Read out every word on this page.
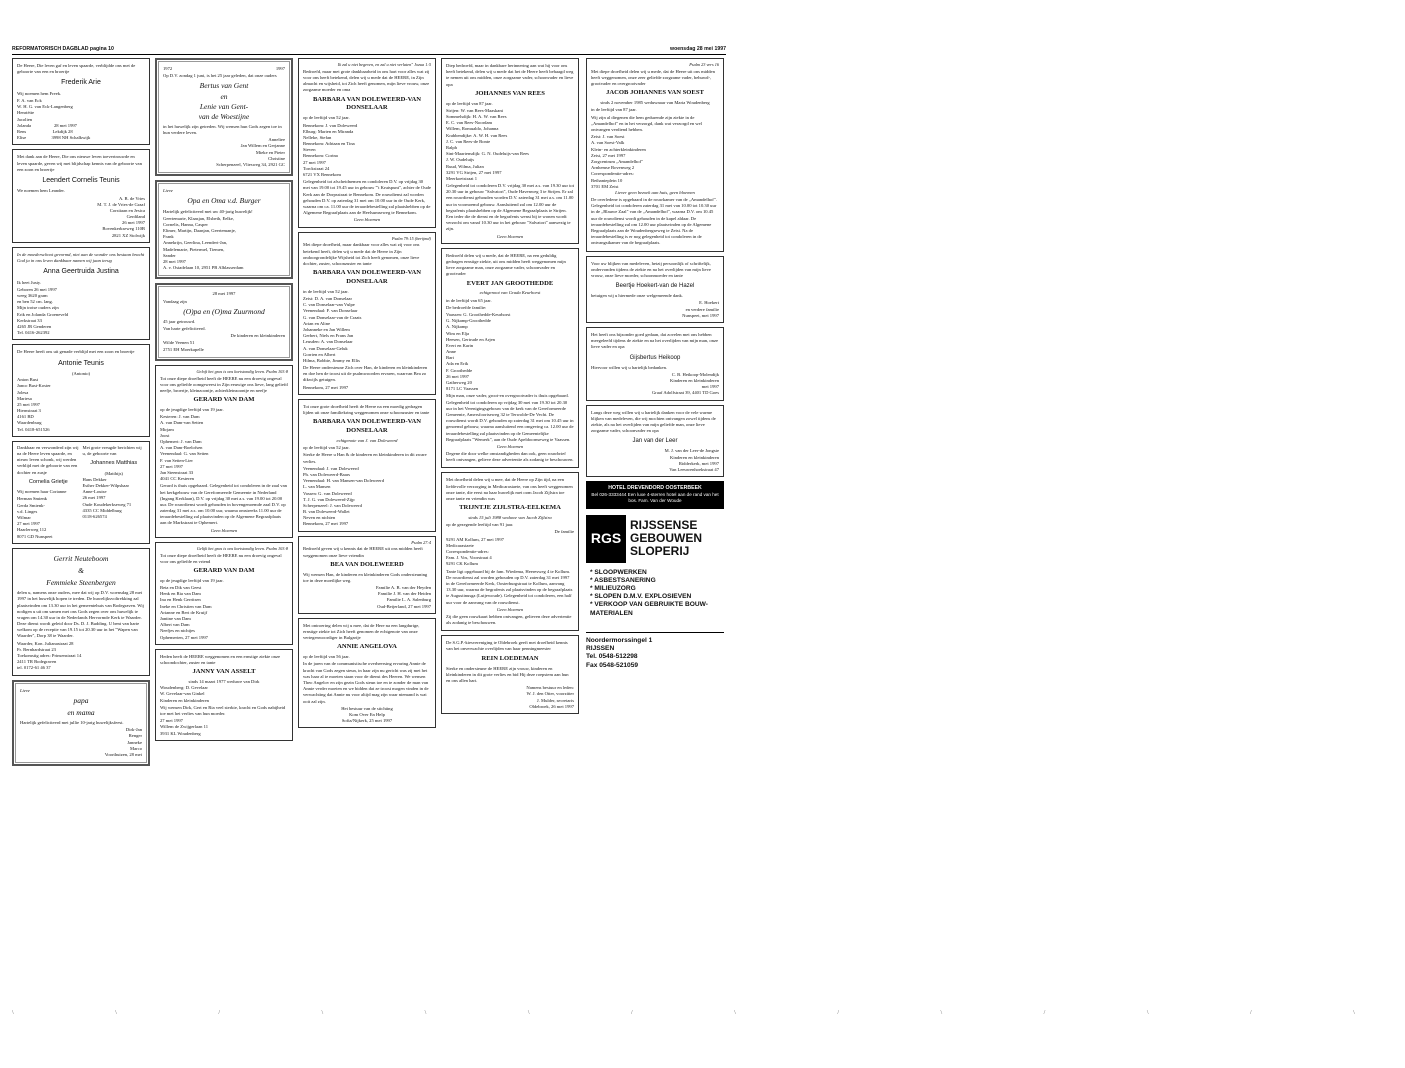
REFORMATORISCH DAGBLAD pagina 10	woensdag 28 mei 1997

De Heere, Die leven gaf en leven spaarde, verblijdde ons met de geboorte van een en broertje

Frederik Arie

Wij noemen hem Freek.

F. A. van Eck
W. H. G. van Eck-Langenberg
Henriëtte
Jacolien
Jolanda                    28 mei 1997
Rens                       Lekdijk 28
Elise                      3998 NH Schalkwijk

Met dank aan de Heere, Die ons nieuwe leven toevertrouwde en leven spaarde, geven wij met blijdschap kennis van de geboorte van een zoon en broertje

Leendert Cornelis Teunis

We noemen hem Leander.

A. B. de Vries
M. T. J. de Vries-de Graaf
Corstiaan en Jesica
Gerdiland
26 mei 1997
Bovenkerkseweg 110B
2821 XZ Stolwijk

In de moederschoot gevormd, niet aan de wonder ons bestaan bracht God ja in ons leven dankbaar namen wij jaan terug

Anna Geertruida Justina

Ik heet Justy.

Geboren 26 mei 1997
weeg 3620 gram
en ben 52 cm. lang.
Mijn trotse ouders zijn
Erik en Jolanda Groeneveld
Kerkstraat 33
4265 JR Genderen
Tel. 0416-262392

De Heere heeft ons uit genade verblijd met een zoon en broertje

Antonie Teunis
(Antonio)
Anton Bust
Janco Bust-Koster
Jolesa
Mariesa
25 mei 1997
Hiernstraat 3
4161 BD
Waardenburg
Tel. 0418-651526
Dankbaar en verwonderd zijn wij na de Heere leven spaarde, en nieuw leven schonk, wij werden verblijd met de geboorte van een dochter en zusje
Cornelia Grietje

Wij noemen haar Corianne

Herman Smienk
Gerda Smienk-
v.d. Linges
Wilmar
27 mei 1997
Haarlerweg 112
8071 GD Nunspeet
Met grote vreugde berichten wij u, de geboorte van
Johannes Matthias
(Matthijs)
Hans Dekker
Esther Dekker-Wilpshaar
Anne-Louise
26 mei 1997
Oude Koudekerkseweg 71
4335 CC Middelburg
0118-626574
Gerrit Neuteboom
&
Femmieke Steenbergen

delen u, namens onze ouders, mee dat wij op D.V. woensdag 28 mei 1997 in het huwelijk hopen te treden. De huwelijksvoltrekking zal plaatsvinden om 13.30 uur in het gemeentehuis van Bodegraven. Wij nodigen u uit om samen met ons Gods zegen over ons huwelijk te vragen om 14.30 uur in de Nederlands Hervormde Kerk te Waarder. Deze dienst wordt geleid door Ds. D. J. Budding. U bent van harte welkom op de receptie van 19.15 tot 20.30 uur in het "Wapen van Waarder", Dorp 38 te Waarder.

Waarder, Kon. Julianastraat 28
Fr. Bernhardstraat 23
Toekomstig adres: Prinsenstraat 14
2411 TR Bodegraven
tel. 0172-61 46 37
Lieve
papa
en mama

Hartelijk gefeliciteerd met jullie 10-jarig huwelijksfeest.

Dirk-Jan
Renger
Janneke
Marco
Voorthuizen, 28 mei
1972	1997

Op D.V. zondag 1 juni, is het 25 jaar geleden, dat onze ouders

Bertus van Gent
en
Lenie van Gent-
van de Woestijne

in het huwelijk zijn getreden. Wij wensen hun Gods zegen toe in hun verdere leven.

Anneliee
Jan Willem en Gerjanne
Mieke en Pieter
Christine
Scherpenzeel, Vliesweg 34, 2921 GC
Lieve
Opa en Oma v.d. Burger

Hartelijk gefeliciteerd met uw 40-jarig huwelijk!

Geertemarie, Klaasjan, Elsbeth, Eelke,
Cornelis, Hanna, Casper
Elimer, Martijn, Daanjan, Geertemanje,
Frank
Annekrijn, Geerlina, Leendert-Jan,
Madelemarie, Pietermel, Tiemen,
Sander
28 mei 1997
A. v. Ostadelaan 10, 2951 PB Alblasserdam
28 mei 1997

Vandaag zijn

(O)pa en (O)ma Zuurmond

45 jaar getrouwd.

Van harte gefeliciteerd.

De kinderen en kleinkinderen

Wilde Veenen 51
2751 EH Moerkapelle
Geloft het gras is ons kortstondig leven. Psalm 103:8

Tot onze diepe droefheid heeft de HEERE nu een droevig ongeval voor ons geliefde oomgeweest in Zijn eeuwige ons lieve, lang geliefd neefje, broertje, kleinzoontje, achterkleinzoontje en neefje

GERARD VAN DAM

op de jeugdige leeftijd van 19 jaar.

Kesteren: J. van Dam
A. van Dam-van Setten
Mirjam
Joost
Ophemert: J. van Dam
A. van Dam-Boelofsen
Veenendaal: G. van Setten
F. van Setten-Lier
27 mei 1997
Jan Steenstraat 33
4041 CC Kesteren

Gerard is thuis opgebaard. Gelegenheid tot condoleren in de zaal van het kerkgebouw van de Gereformeerde Gemeente in Nederland (Ingang Kerklaan), D.V. op vrijdag 30 mei a.s. van 19.00 tot 20.00 uur. De rouwdienst wordt gehouden in bovengenoemde zaal D.V. op zaterdag 31 mei a.s. om 10.00 uur, waarna omstreeks 11.00 uur de teraardebestelling zal plaatsvinden op de Algemene Begraafplaats aan de Markstraat te Ophemert.

Geen bloemen
Gelijk het gras is ons kortstondig leven. Psalm 103:8

Tot onze diepe droefheid heeft de HEERE nu een droevig ongeval voor ons geliefde en vriend

GERARD VAN DAM

op de jeugdige leeftijd van 19 jaar.

Beta en Dik van Geest
Henk en Ria van Dam
Ina en Henk Gerritsen
Ineke en Christien van Dam
Arianne en Bert de Kruijf
Jantine van Dam
Albert van Dam
Neefjes en nichtjes
Ophemerten, 27 mei 1997

Heden heeft de HEERE weggenomen en een ernstige ziekte onze schoondochter, zuster en tante

JANNY VAN ASSELT
sinds 14 maart 1977 weduwe van Dirk
Woudenberg: D. Gevelaar
W. Gevelaar-van Ginkel
Kinderen en kleinkinderen

Wij wensen Dirk, Gert en Ria veel sterkte, kracht en Gods nabijheid toe met het verlies van hun moeder.

27 mei 1997
Willem de Zwijgerlaan 11
3931 KL Woudenberg
Ik zal u niet begeven, en zal u niet verlaten" Jozua 1:5

Bedroefd, maar met grote dankbaarheid in ons hart voor alles wat zij voor ons heeft betekend, delen wij u mede dat de HEERE, in Zijn almacht en wijsheid, tot Zich heeft genomen, mijn lieve vrouw, onze zorgzame moeder en oma

BARBARA VAN DOLEWEERD-VAN DONSELAAR

op de leeftijd van 52 jaar.

Bennekom: J. van Doleweerd
Elburg: Marien en Miranda
Nelleke, Stefan
Bennekom: Adriaan en Tina
Steven
Bennekom: Corina
27 mei 1997
Torckstraat 24
6721 VX Bennekom

Gelegenheid tot afscheidnemen en condoleren D.V. op vrijdag 30 mei van 19.00 tot 19.45 uur in gebouw "'t Kruispunt", achter de Oude Kerk aan de Dorpsstraat te Bennekom. De rouwdienst zal worden gehouden D.V. op zaterdag 31 mei om 10.00 uur in de Oude Kerk, waarna om ca. 11.00 uur de teraardebestelling zal plaatshebben op de Algemene Begraafplaats aan de Heelsumseweg te Bennekom.

Geen bloemen
Psalm 79:15 (berijmd)

Met diepe droefheid, maar dankbaar voor alles wat zij voor ons betekend heeft, delen wij u mede dat de Heere in Zijn ondoorgrondelijke Wijsheid tot Zich heeft genomen, onze lieve dochter, zuster, schoonzuster en tante

BARBARA VAN DOLEWEERD-VAN DONSELAAR

in de leeftijd van 52 jaar.

Zeist: D. A. van Donselaar
C. van Donselaar-van Vulpe
Veenendaal: F. van Donselaar
G. van Donselaar-van de Craats
Arian en Aline
Johanneke en Jan Willem
Gerbert, Niels en Frans Jan
Leusden: A. van Donselaar
A. van Donselaar-Geluk
Gorrien en Albert
Hilma, Bobbie, Jimmy en Ellis

De Heere ondersteune Zich over Han, de kinderen en kleinkinderen en doe hen de troost uit de psalmwoorden ervaren, waarvan Bea zo dikwijls getuigen.

Bennekom, 27 mei 1997

Tot onze grote droefheid heeft de Heere na een moedig gedragen lijden uit onze familiekring weggenomen onze schoonzuster en tante

BARBARA VAN DOLEWEERD-VAN DONSELAAR
echtgenote van J. van Doleweerd

op de leeftijd van 52 jaar.

Sterke de Heere u Han & de kinderen en kleinkinderen in dit zware verlies.

Veenendaal: J. van Doleweerd
Ph. van Doleweerd-Baars
Veenendaal: H. van Mansen-van Doleweerd
L. van Mansen
Vassen: G. van Doleweerd
T. J. G. van Doleweerd-Zijp
Scherpenzeel: J. van Doleweerd
B. van Doleweerd-Wallet
Neven en nichten
Bennekom, 27 mei 1997
Psalm 27:4

Bedroefd geven wij u kennis dat de HEERE uit ons midden heeft weggenomen onze lieve vriendin

BEA VAN DOLEWEERD

Wij wensen Han, de kinderen en kleinkinderen Gods ondersteuning toe in deze moeilijke weg.

Familie A. B. van der Heyden
Familie J. H. van der Heiden
Familie L. A. Salenburg
Oud-Beijerland, 27 mei 1997

Met ontroering delen wij u mee, dat de Here na een langdurige, ernstige ziekte tot Zich heeft genomen de echtgenote van onze vertegenwoordiger in Bulgarije

ANNIE ANGELOVA

op de leeftijd van 56 jaar.

In de jaren van de communistische overheersing ervaring Annie de kracht van Gods zegen steun, in haar zijn nu gericht was zij met het was haar al te moeten staan voor de dienst des Heeren. We wensen Theo Angelov en zijn gezin Gods steun toe en te zonder de man van Annie verder moeten en we bidden dat ze troost mogen vinden in de verwachting dat Annie nu voor altijd mag zijn waar niemand is wat ooit zal zijn.

Het bestuur van de stichting
Kom Over En Help
Sofia/Nijkerk, 25 mei 1997

Diep bedroefd, maar in dankbare herinnering aan wat hij voor ons heeft betekend, delen wij u mede dat het de Heere heeft behaagd weg te nemen uit ons midden, onze zorgzame vader, schoonvader en lieve opa

JOHANNES VAN REES

op de leeftijd van 87 jaar.

Strijen: W. van Rees-Maaskant
Sommelsdijk: H. A. W. van Rees
E. C. van Rees-Noordam
Willem, Romualdo, Johanna
Krabbendijke: A. W. H. van Rees
J. C. van Rees-de Bonte
Ralph
Sint-Maartensdijk: G. N. Oudeluijs-van Rees
J. W. Oudeluijs
Ruud, Wilma, Julian
3291 VG Strijen, 27 mei 1997
Meerkoetstraat 1

Gelegenheid tot condoleren D.V. vrijdag 30 mei a.s. van 19.30 uur tot 20.30 uur in gebouw "Salvatori", Oude Havenweg 3 te Strijen. Er zal een rouwdienst gehouden worden D.V. zaterdag 31 mei a.s. om 11.00 uur in voornoemd gebouw. Aansluitend zal om 12.00 uur de begrafenis plaatshebben op de Algemene Begraafplaats te Strijen. Een ieder die de dienst en de begrafenis wenst bij te wonen wordt verzocht om vanaf 10.30 uur in het gebouw "Salvatori" aanwezig te zijn.

Geen bloemen

Bedroefd delen wij u mede, dat de HEERE, na een geduldig gedragen ernstige ziekte, uit ons midden heeft weggenomen mijn lieve zorgzame man, onze zorgzame vader, schoonvader en grootvader

EVERT JAN GROOTHEDDE
echtgenoot van Grada Keurhorst

in de leeftijd van 65 jaar.

De bedroefde familie:

Vaassen: G. Groothedde-Keurhorst
G. Nijkamp-Groothedde
A. Nijkamp
Wim en Elja
Heesen, Gertrude en Arjen
Evert en Karin
Anne
Bart
Ada en Erik
F. Groothedde
26 mei 1997
Gatherweg 20
8171 LC Vaassen

Mijn man, onze vader, groot-en overgrootvader is thuis opgebaard. Gelegenheid tot condoleren op vrijdag 30 mei van 19.30 tot 20.30 uur in het Verenigingsgebouw van de kerk van de Gereformeerde Gemeente, Amersfoortseweg 32 te Terwolde-De Vecht. De rouwdienst wordt D.V. gehouden op zaterdag 31 mei om 10.45 uur in genoemd gebouw, waarna aansluitend een omgeving ca. 12.00 uur de teraardebestelling zal plaatsvinden op de Gemeentelijke Begraafplaats "Wemerk", aan de Oude Apeldoornseweg te Vaassen.

Geen bloemen

Degene die door welke omstandigheden dan ook, geen rouwbrief heeft ontvangen, gelieve deze advertentie als zodanig te beschouwen.

Met droefheid delen wij u mee, dat de Heere op Zijn tijd, na een liefdevolle verzorging in Medicarastaete, van ons heeft weggenomen onze tante, die eerst na haar huwelijk met oom Jacob Zijlstra toe onze tante en vriendin was

TRIJNTJE ZIJLSTRA-EELKEMA
sinds 15 juli 1988 weduwe van Jacob Zijlstra

op de gezegende leeftijd van 91 jaar.

De familie

9291 AM Kollum, 27 mei 1997
Medicarastaete
Correspondentie-adres:
Fam. J. Vos, Voorstraat 4
9291 CK Kollum

Tante ligt opgebaard bij de fam. Wiedema, Heeresweg 4 te Kollum. De rouwdienst zal worden gehouden op D.V. zaterdag 31 mei 1997 in de Gereformeerde Kerk, Oosterburgstraat te Kollum, aanvang 13.30 uur, waarna de begrafenis zal plaatsvinden op de begraafplaats te Augustinusga (Lutjewoude). Gelegenheid tot condoleren, een half uur voor de aanvang van de rouwdienst.

Geen bloemen

Zij die geen rouwkaart hebben ontvangen, gelieven deze advertentie als zodanig te beschouwen.

De S.G.P.-kiesvereniging te Oldebroek geeft met droefheid kennis van het onverwachte overlijden van haar penningmeester

REIN LOEDEMAN

Sterke en ondersteune de HEERE zijn vrouw, kinderen en kleinkinderen in dit grote verlies en bid Hij deze roepstem aan hun en ons allen hart.

Namens bestuur en leden:
W. J. den Otter, voorzitter
J. Mulder, secretaris
Oldebroek, 26 mei 1997
Psalm 23 vers 16

Met diepe droefheid delen wij u mede, dat de Heere uit ons midden heeft weggenomen, onze zeer geliefde zorgzame vader, behuwd-, grootvader en overgrootvader

JACOB JOHANNES VAN SOEST
sinds 2 november 1985 weduwnaar van Maria Woudenberg

in de leeftijd van 87 jaar.

Wij zijn al diegenen die hem gedurende zijn ziekte in de „Amandelhof" en in het verzorgd, dank wat verzorgd en wel ontvangen verdiend hebben.

Zeist: J. van Soest
A. van Soest-Valk
Klein- en achterkleinkinderen
Zeist, 27 mei 1997
Zorgcentrum „Amandelhof"
Arnhemse Bovenweg 2
Correspondentie-adres:
Bethanieplein 10
3701 EM Zeist
Liever geen bezoek aan huis, geen bloemen

De overledene is opgebaard in de rouwkamer van de „Amandelhof". Gelegenheid tot condoleren zaterdag 31 mei van 10.00 tot 10.30 uur in de „Blauwe Zaal" van de „Amandelhof", waarna D.V. om 10.45 uur de rouwdienst wordt gehouden in de kapel aldaar. De teraardebestelling zal om 12.00 uur plaatsvinden op de Algemene Begraafplaats aan de Woudenbergseweg te Zeist. Na de teraardebestelling is er nog gelegenheid tot condoleren in de ontvangstkamer van de begraafplaats.

Voor uw blijken van medeleven, hetzij persoonlijk of schriftelijk, ondervonden tijdens de ziekte en na het overlijden van mijn lieve vrouw, onze lieve moeder, schoonmoeder en tante

Beertje Hoekert-van de Hazel

betuigen wij u hiermede onze welgemeende dank.

E. Hoekert
en verdere familie
Nunspeet, mei 1997

Het heeft ons bijzonder goed gedaan, dat zovelen met ons hebben meegeleefd tijdens de ziekte en na het overlijden van mijn man, onze lieve vader en opa

Gijsbertus Heikoop

Hiervoor willen wij u hartelijk bedanken.

C. B. Heikoop-Molendijk
Kinderen en kleinkinderen
mei 1997
Graaf Adolfstraat 39, 4401 TD Goes

Langs deze weg willen wij u hartelijk danken voor de vele warme blijken van medeleven, die wij mochten ontvangen zowel tijdens de ziekte, als na het overlijden van mijn geliefde man, onze lieve zorgzame vader, schoonvader en opa

Jan van der Leer
M. J. van der Leer-de Jongste
Kinderen en kleinkinderen
Ridderkerk, mei 1997
Van Leeuwenhoekstraat 47
HOTEL DREVENDORD OOSTERBEEK
Bel 026-3333444 Een luxe 4-sterren hotel aan de rand van het bos. Fam. Van der Woude
RGS
RIJSSENSE
GEBOUWEN
SLOPERIJ
* SLOOPWERKEN
* ASBESTSANERING
* MILIEUZORG
* SLOPEN D.M.V. EXPLOSIEVEN
* VERKOOP VAN GEBRUIKTE BOUW-MATERIALEN
Noordermorssingel 1
RIJSSEN
Tel. 0548-512298
Fax 0548-521059
\ \ / \ \ \ / \ / \ / \ / \
